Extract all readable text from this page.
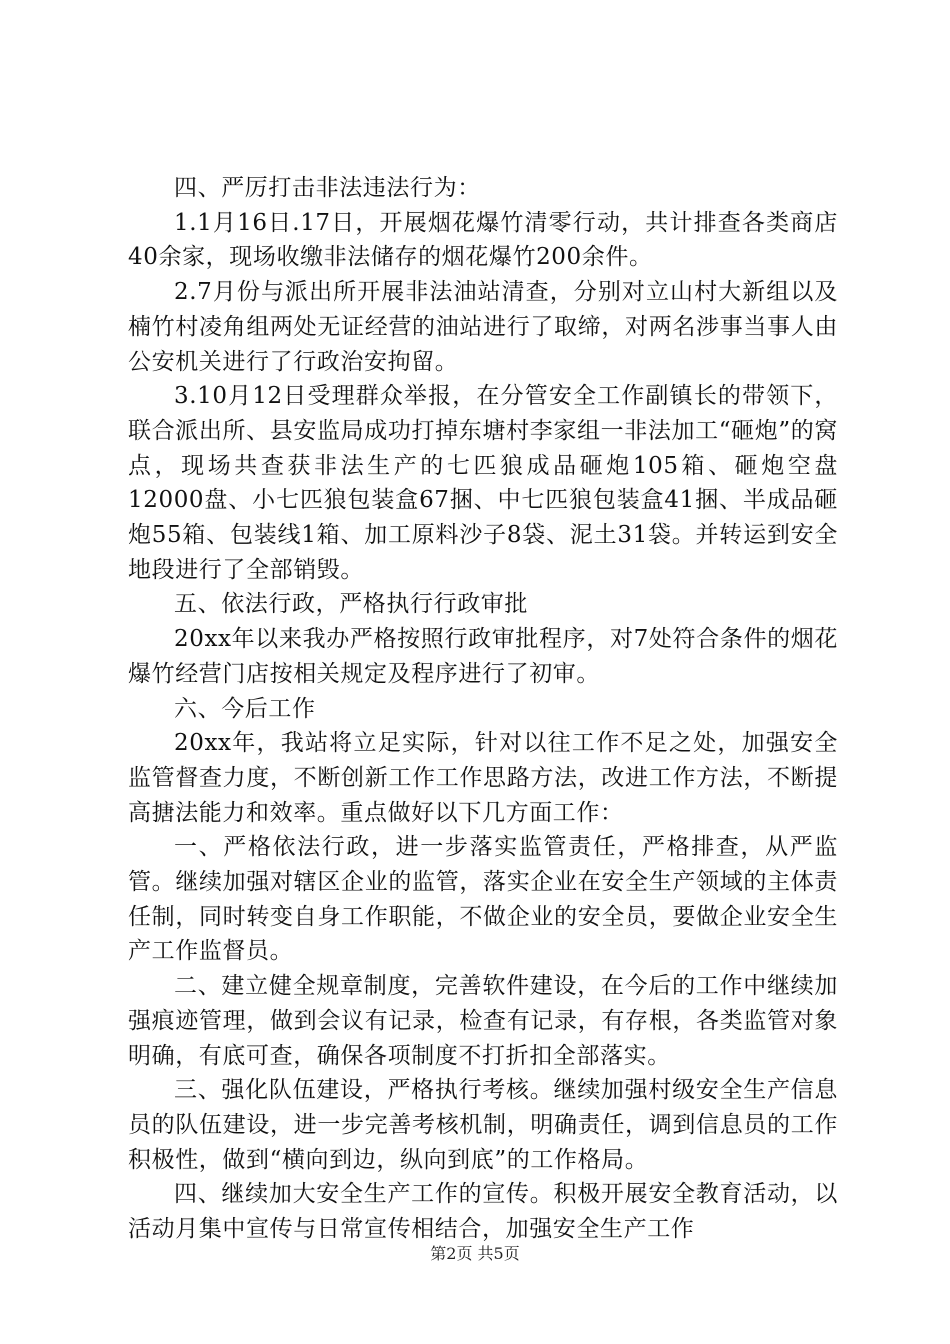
四、严厉打击非法违法行为：

1.1月16日.17日，开展烟花爆竹清零行动，共计排查各类商店40余家，现场收缴非法储存的烟花爆竹200余件。

2.7月份与派出所开展非法油站清查，分别对立山村大新组以及楠竹村凌角组两处无证经营的油站进行了取缔，对两名涉事当事人由公安机关进行了行政治安拘留。

3.10月12日受理群众举报，在分管安全工作副镇长的带领下，联合派出所、县安监局成功打掉东塘村李家组一非法加工“砸炮”的窝点，现场共查获非法生产的七匹狼成品砸炮105箱、砸炮空盘12000盘、小七匹狼包装盒67捆、中七匹狼包装盒41捆、半成品砸炮55箱、包装线1箱、加工原料沙子8袋、泥土31袋。并转运到安全地段进行了全部销毁。

五、依法行政，严格执行行政审批

20xx年以来我办严格按照行政审批程序，对7处符合条件的烟花爆竹经营门店按相关规定及程序进行了初审。

六、今后工作

20xx年，我站将立足实际，针对以往工作不足之处，加强安全监管督查力度，不断创新工作工作思路方法，改进工作方法，不断提高搪法能力和效率。重点做好以下几方面工作：

一、严格依法行政，进一步落实监管责任，严格排查，从严监管。继续加强对辖区企业的监管，落实企业在安全生产领域的主体责任制，同时转变自身工作职能，不做企业的安全员，要做企业安全生产工作监督员。

二、建立健全规章制度，完善软件建设，在今后的工作中继续加强痕迹管理，做到会议有记录，检查有记录，有存根，各类监管对象明确，有底可查，确保各项制度不打折扣全部落实。

三、强化队伍建设，严格执行考核。继续加强村级安全生产信息员的队伍建设，进一步完善考核机制，明确责任，调到信息员的工作积极性，做到“横向到边，纵向到底”的工作格局。

四、继续加大安全生产工作的宣传。积极开展安全教育活动，以活动月集中宣传与日常宣传相结合，加强安全生产工作

第2页 共5页
